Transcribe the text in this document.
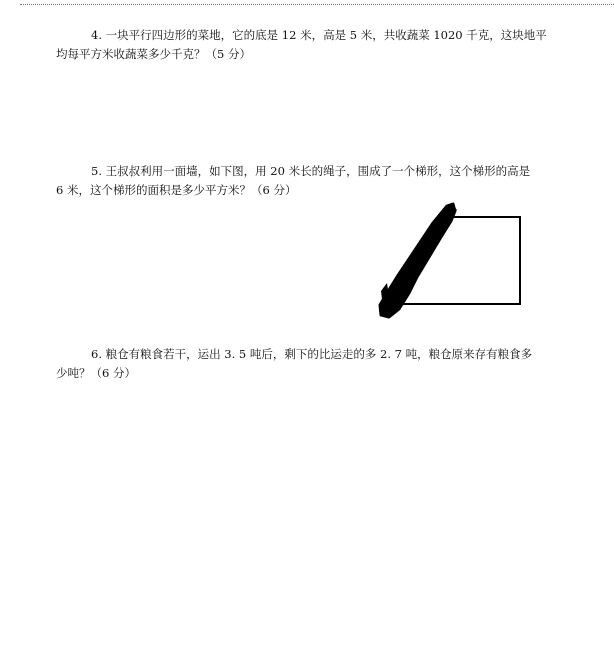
4. 一块平行四边形的菜地，它的底是 12 米，高是 5 米，共收蔬菜 1020 千克，这块地平
均每平方米收蔬菜多少千克？（5 分）
5. 王叔叔利用一面墙，如下图，用 20 米长的绳子，围成了一个梯形，这个梯形的高是
6 米，这个梯形的面积是多少平方米？（6 分）
6. 粮仓有粮食若干，运出 3. 5 吨后，剩下的比运走的多 2. 7 吨，粮仓原来存有粮食多
少吨？（6 分）
